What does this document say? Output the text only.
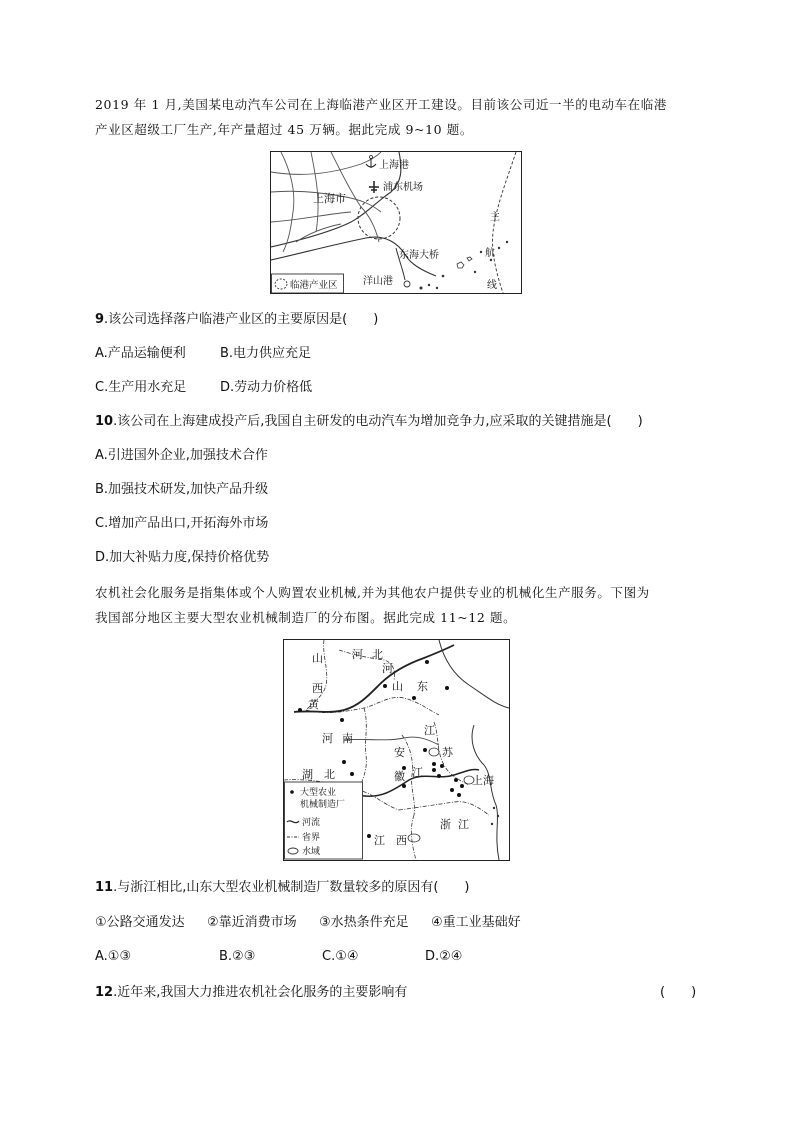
2019 年 1 月,美国某电动汽车公司在上海临港产业区开工建设。目前该公司近一半的电动车在临港
产业区超级工厂生产,年产量超过 45 万辆。据此完成 9~10 题。
上海港
浦东机场
上海市
东海大桥
洋山港
主
航
线
临港产业区
9.该公司选择落户临港产业区的主要原因是(　　)
A.产品运输便利	B.电力供应充足
C.生产用水充足	D.劳动力价格低
10.该公司在上海建成投产后,我国自主研发的电动汽车为增加竞争力,应采取的关键措施是(　　)
A.引进国外企业,加强技术合作
B.加强技术研发,加快产品升级
C.增加产品出口,开拓海外市场
D.加大补贴力度,保持价格优势
农机社会化服务是指集体或个人购置农业机械,并为其他农户提供专业的机械化生产服务。下图为
我国部分地区主要大型农业机械制造厂的分布图。据此完成 11~12 题。
山
西
河 北
河
山 东
黄
河 南
江
苏
安
徽 江
上海
湖　北
浙 江
江　西
大型农业
机械制造厂
河流
省界
水域
11.与浙江相比,山东大型农业机械制造厂数量较多的原因有(　　)
①公路交通发达 ②靠近消费市场 ③水热条件充足 ④重工业基础好
A.①③	B.②③	C.①④	D.②④
12.近年来,我国大力推进农机社会化服务的主要影响有	(　　)
